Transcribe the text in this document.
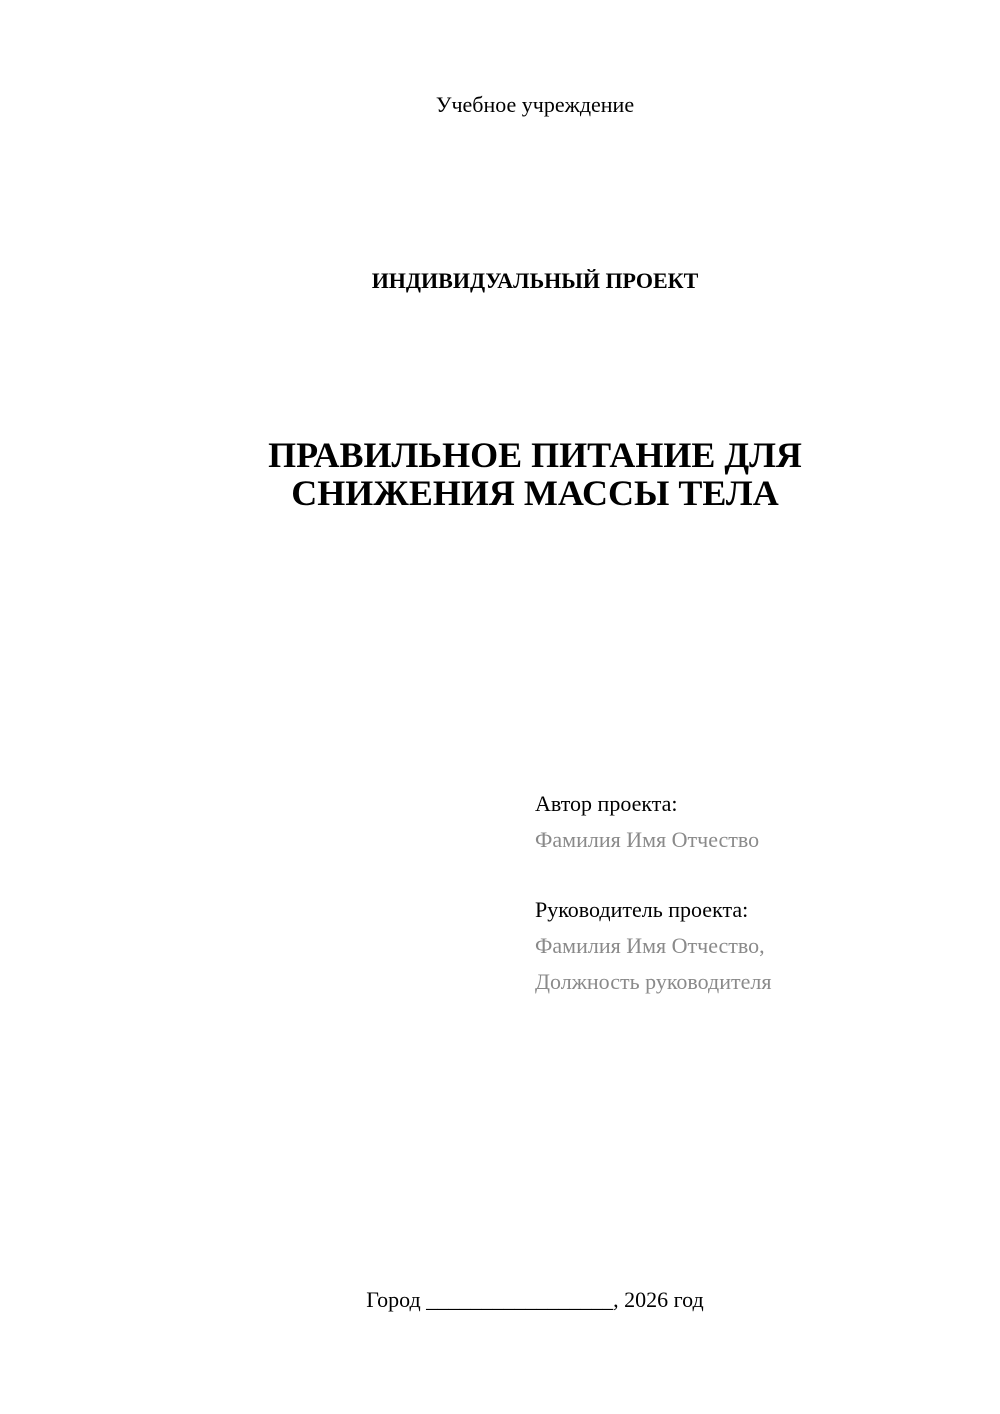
Учебное учреждение
ИНДИВИДУАЛЬНЫЙ ПРОЕКТ
ПРАВИЛЬНОЕ ПИТАНИЕ ДЛЯ
СНИЖЕНИЯ МАССЫ ТЕЛА
Автор проекта:
Фамилия Имя Отчество
Руководитель проекта:
Фамилия Имя Отчество,
Должность руководителя
Город _________________, 2026 год
